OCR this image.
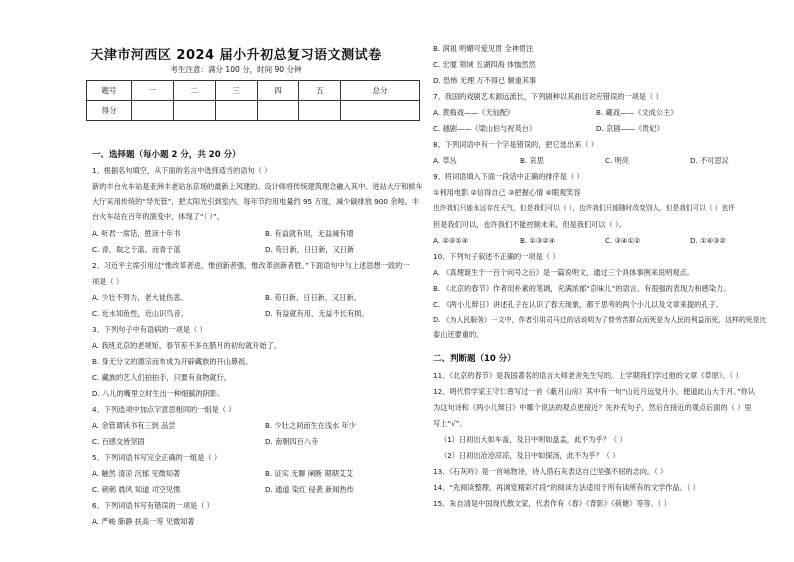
天津市河西区 2024 届小升初总复习语文测试卷
考生注意：满分 100 分，时间 90 分钟
题号	一	二	三	四	五	总分
得分						
一、选择题（每小题 2 分，共 20 分）
1、根据名句填空，从下面的名言中选择适当的语句（ ）
新的丰台火车站是亚洲丰老站东京场的最新上风建的。设计师将传统建筑理念融入其中。进站大厅和候车
大厅采用传统的“导光管”，把太阳光引到室内。每年节约用电量约 95 万度，减少碳排放 900 余吨。丰
台火车站在百年的演变中，体现了“（ ）”。
A. 听君一席话，胜读十年书	B. 有益就有用，无益减有增
C. 青，取之于蓝，而青于蓝	D. 苟日新，日日新，又日新
2、习近平主席引用过“惟改革者进，惟创新者强，惟改革创新者胜。”下面语句中与上述思想一致的一
项是（ ）
A. 少壮不努力，老大徒伤悲。	B. 苟日新，日日新，又日新。
C. 近水知鱼性，近山识鸟音。	D. 有益就有用，无益不长有损。
3、下列句子中有语病的一项是（ ）
A. 我班北京的老规矩，春节差不多在腊月的初旬就开始了。
B. 身无分文的德宗而布成为开辟藏族的开山鼻祖。
C. 藏族的艺人们拍拍手，只要有食物就行。
D. 八儿的嘴里立时生出一种细腻的阴影。
4、下列选项中加点字意思相同的一组是（ ）
A. 余管谓读书有三到 品尝	B. 少壮之间而生在浅水 年少
C. 百感交皆坚固	D. 南朝四百八寺
5、下列词语书写完全正确的一组是（ ）
A. 触然 清凉 沉郁 见微知著	B. 证实 无聊 阐断 期期艾艾
C. 刺刺 晨风 知道 司空见惯	D. 通道 染红 侵袭 新闻热传
6、下列词语书写有错误的一项是（ ）
A. 严峻 肺静 扶高一等 见微知著
B. 润祖 明媚可爱见贯 全神贯注
C. 宏厦 领域 五湖四海 体恤然然
D. 恐怖 无理 万不得已 颇重其事
7、我国的戏剧艺术源远流长，下列剧种以其曲目对应错误的一项是（ ）
A. 黄梅戏——《天仙配》	B. 藏戏——《文成公主》
C. 越剧——《梁山伯与祝英台》	D. 京剧——《贵妃》
8、下列词语中有一个字是错误的，把它选出来（ ）
A. 草丛	B. 哀思	C. 明亮	D. 不可思议
9、将词语填入下面一段话中正确的排序是（ ）
①利用电影 ②信得自己 ③把握心情 ④眼观笑容
也许我们只能永远存在天气，但是我们可以（ ），也许我们只能随时改变别人，但是我们可以（ ）也许
但是我们可以，也许我们不能控制未来，但是我们可以（ ）。
A. ②③①④	B. ①③②④	C. ③④①②	D. ①④③②
10、下列句子叙述不正确的一项是（ ）
A. 《真理诞生于一百个问号之后》是一篇说明文，通过三个具体事例来说明观点。
B. 《北京的春节》作者用朴素的笔调，充满浓郁“京味儿”的语言，有很强的表现力和感染力。
C. 《两小儿辩日》讲述孔子在认识了春天现象，都于思考的两个小儿以及文章来提的孔子。
D. 《为人民服务》一文中，作者引用司马迁的话说明为了替劳苦群众而死是为人民的利益而死，这样的死是比
泰山还要重的。
二、判断题（10 分）
11、《北京的春节》是我国著名的语言大师老舍先生写的。上学期我们学过他的文章《草原》。（ ）
12、明代哲学家王守仁曾写过一首《蔽月山房》其中有一句“山近月远觉月小，便道此山大于月。”你认
为这句诗和《两小儿辩日》中哪个说法的观点更接近？先补充句子，然后在接近的观点后面的（ ）里
写上“√”。
（1）日初出大如车盖，及日中则如盘盂，此不为乎？（ ）
（2）日初出沧沧凉凉，及日中如探汤，此不为乎？（ ）
13、《石灰吟》是一首咏物诗，诗人借石灰表达自己坚强不屈的志向。（ ）
14、“先阅读整理，再浏览精彩片段”的阅读方法适用于所有读所有的文学作品。（ ）
15、朱自清是中国现代散文家，代表作有《春》《背影》《荷塘》等等。（ ）
